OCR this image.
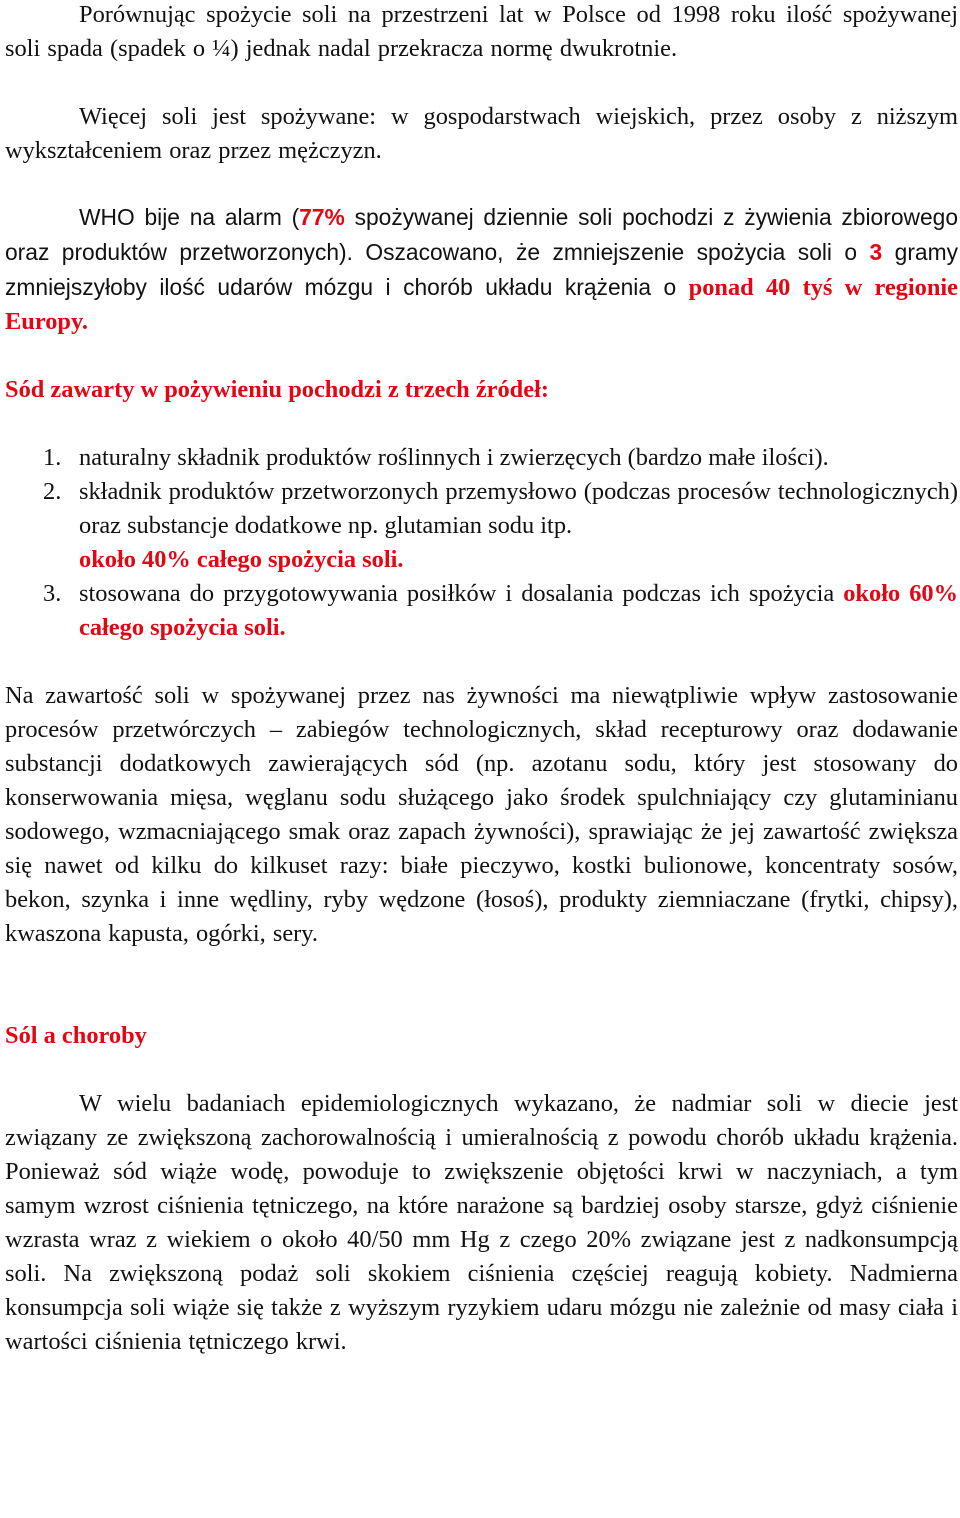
Porównując spożycie soli na przestrzeni lat w Polsce od 1998 roku ilość spożywanej soli spada (spadek o ¼) jednak nadal przekracza normę dwukrotnie.

Więcej soli jest spożywane: w gospodarstwach wiejskich, przez osoby z niższym wykształceniem oraz przez mężczyzn.

WHO bije na alarm (77% spożywanej dziennie soli pochodzi z żywienia zbiorowego oraz produktów przetworzonych). Oszacowano, że zmniejszenie spożycia soli o 3 gramy zmniejszyłoby ilość udarów mózgu i chorób układu krążenia o ponad 40 tyś w regionie Europy.

Sód zawarty w pożywieniu pochodzi z trzech źródeł:

1. naturalny składnik produktów roślinnych i zwierzęcych (bardzo małe ilości).
2. składnik produktów przetworzonych przemysłowo (podczas procesów technologicznych) oraz substancje dodatkowe np. glutamian sodu itp.
około 40% całego spożycia soli.
3. stosowana do przygotowywania posiłków i dosalania podczas ich spożycia około 60% całego spożycia soli.

Na zawartość soli w spożywanej przez nas żywności ma niewątpliwie wpływ zastosowanie procesów przetwórczych – zabiegów technologicznych, skład recepturowy oraz dodawanie substancji dodatkowych zawierających sód (np. azotanu sodu, który jest stosowany do konserwowania mięsa, węglanu sodu służącego jako środek spulchniający czy glutaminianu sodowego, wzmacniającego smak oraz zapach żywności), sprawiając że jej zawartość zwiększa się nawet od kilku do kilkuset razy: białe pieczywo, kostki bulionowe, koncentraty sosów, bekon, szynka i inne wędliny, ryby wędzone (łosoś), produkty ziemniaczane (frytki, chipsy), kwaszona kapusta, ogórki, sery.

Sól a choroby

W wielu badaniach epidemiologicznych wykazano, że nadmiar soli w diecie jest związany ze zwiększoną zachorowalnością i umieralnością z powodu chorób układu krążenia. Ponieważ sód wiąże wodę, powoduje to zwiększenie objętości krwi w naczyniach, a tym samym wzrost ciśnienia tętniczego, na które narażone są bardziej osoby starsze, gdyż ciśnienie wzrasta wraz z wiekiem o około 40/50 mm Hg z czego 20% związane jest z nadkonsumpcją soli. Na zwiększoną podaż soli skokiem ciśnienia częściej reagują kobiety. Nadmierna konsumpcja soli wiąże się także z wyższym ryzykiem udaru mózgu nie zależnie od masy ciała i wartości ciśnienia tętniczego krwi.
